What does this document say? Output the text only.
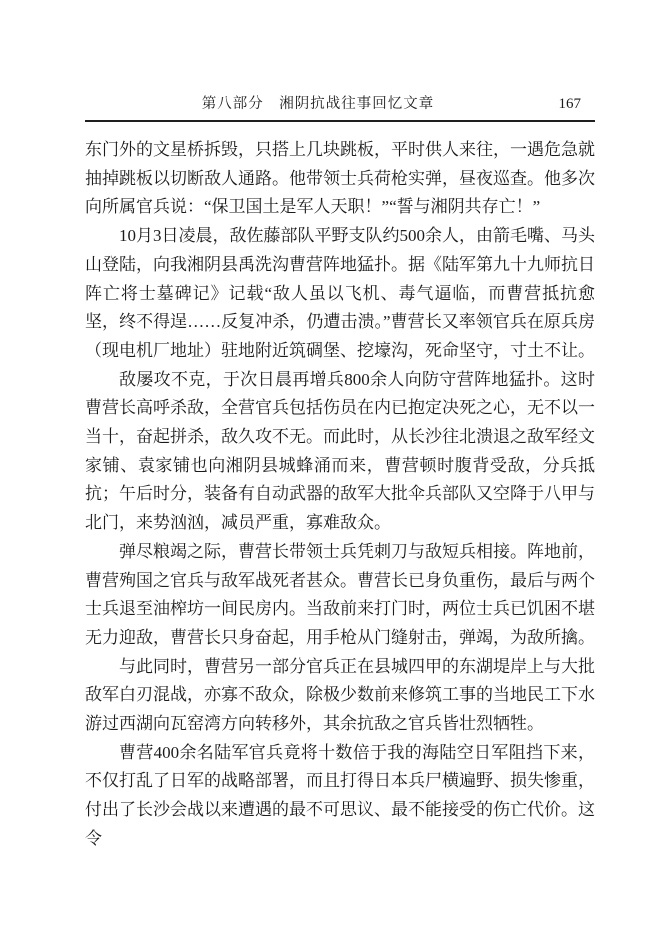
第八部分　湘阴抗战往事回忆文章	167

东门外的文星桥拆毁，只搭上几块跳板，平时供人来往，一遇危急就抽掉跳板以切断敌人通路。他带领士兵荷枪实弹，昼夜巡查。他多次向所属官兵说：“保卫国土是军人天职！”“誓与湘阴共存亡！”

10月3日凌晨，敌佐藤部队平野支队约500余人，由箭毛嘴、马头山登陆，向我湘阴县禹洗沟曹营阵地猛扑。据《陆军第九十九师抗日阵亡将士墓碑记》记载“敌人虽以飞机、毒气逼临，而曹营抵抗愈坚，终不得逞……反复冲杀，仍遭击溃。”曹营长又率领官兵在原兵房（现电机厂地址）驻地附近筑碉堡、挖壕沟，死命坚守，寸土不让。

敌屡攻不克，于次日晨再增兵800余人向防守营阵地猛扑。这时曹营长高呼杀敌，全营官兵包括伤员在内已抱定决死之心，无不以一当十，奋起拼杀，敌久攻不无。而此时，从长沙往北溃退之敌军经文家铺、袁家铺也向湘阴县城蜂涌而来，曹营顿时腹背受敌，分兵抵抗；午后时分，装备有自动武器的敌军大批伞兵部队又空降于八甲与北门，来势汹汹，减员严重，寡难敌众。

弹尽粮竭之际，曹营长带领士兵凭刺刀与敌短兵相接。阵地前，曹营殉国之官兵与敌军战死者甚众。曹营长已身负重伤，最后与两个士兵退至油榨坊一间民房内。当敌前来打门时，两位士兵已饥困不堪无力迎敌，曹营长只身奋起，用手枪从门缝射击，弹竭，为敌所擒。

与此同时，曹营另一部分官兵正在县城四甲的东湖堤岸上与大批敌军白刃混战，亦寡不敌众，除极少数前来修筑工事的当地民工下水游过西湖向瓦窑湾方向转移外，其余抗敌之官兵皆壮烈牺牲。

曹营400余名陆军官兵竟将十数倍于我的海陆空日军阻挡下来，不仅打乱了日军的战略部署，而且打得日本兵尸横遍野、损失惨重，付出了长沙会战以来遭遇的最不可思议、最不能接受的伤亡代价。这令
